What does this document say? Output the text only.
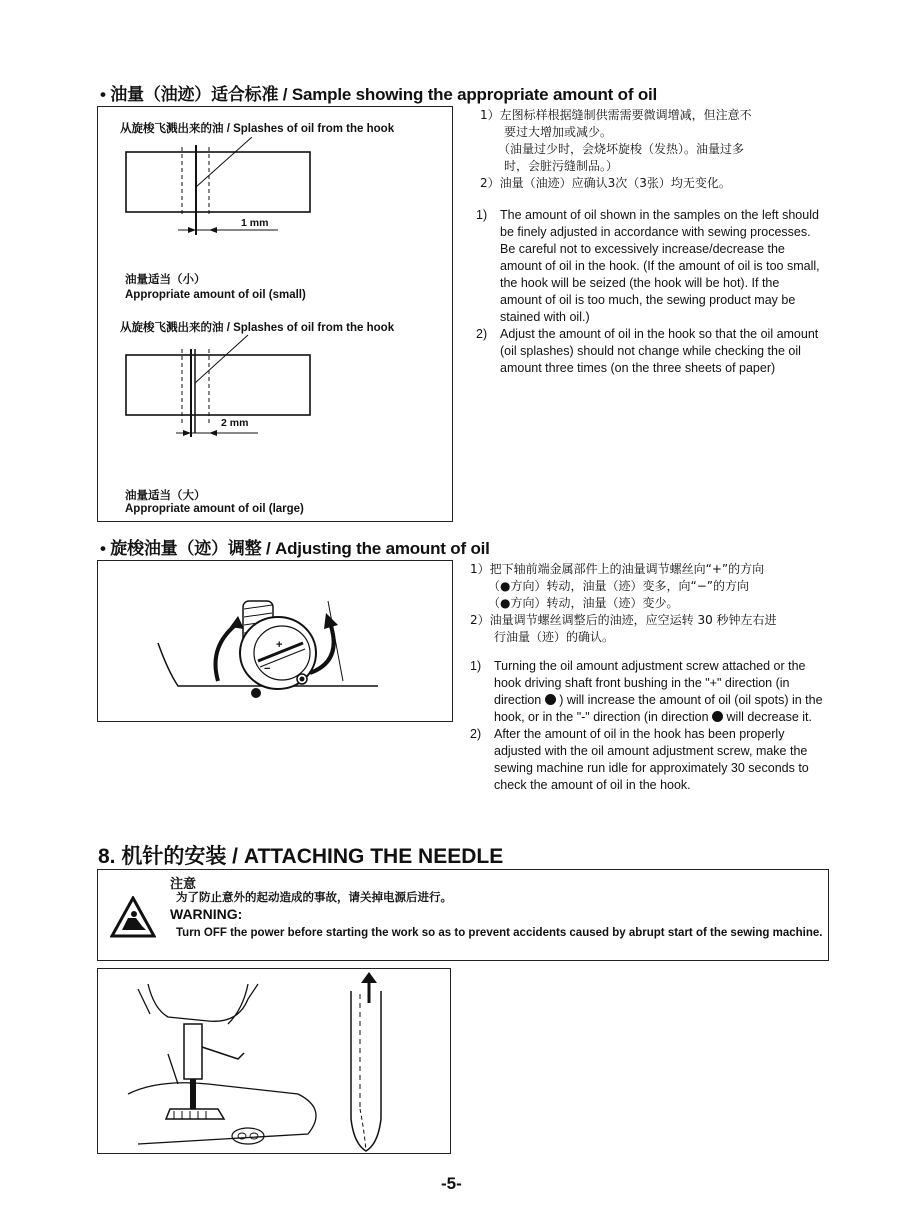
• 油量（油迹）适合标准 / Sample showing the appropriate amount of oil
从旋梭飞溅出来的油 / Splashes of oil from the hook
1 mm
油量适当（小）
Appropriate amount of oil (small)
从旋梭飞溅出来的油 / Splashes of oil from the hook
2 mm
油量适当（大）
Appropriate amount of oil (large)
1）左图标样根据缝制供需需要微调增减，但注意不
　　要过大增加或减少。
　　（油量过少时，会烧坏旋梭（发热）。油量过多
　　时，会脏污缝制品。）
2）油量（油迹）应确认3次（3张）均无变化。
1) The amount of oil shown in the samples on the left should be finely adjusted in accordance with sewing processes. Be careful not to excessively increase/decrease the amount of oil in the hook. (If the amount of oil is too small, the hook will be seized (the hook will be hot). If the amount of oil is too much, the sewing product may be stained with oil.)
2) Adjust the amount of oil in the hook so that the oil amount (oil splashes) should not change while checking the oil amount three times (on the three sheets of paper)
• 旋梭油量（迹）调整 / Adjusting the amount of oil
+
−
1）把下轴前端金属部件上的油量调节螺丝向“+”的方向
　　（●方向）转动，油量（迹）变多，向“−”的方向
　　（●方向）转动，油量（迹）变少。
2）油量调节螺丝调整后的油迹，应空运转 30 秒钟左右进
　　行油量（迹）的确认。
1) Turning the oil amount adjustment screw attached or the hook driving shaft front bushing in the "+" direction (in direction ) will increase the amount of oil (oil spots) in the hook, or in the "-" direction (in direction will decrease it.
2) After the amount of oil in the hook has been properly adjusted with the oil amount adjustment screw, make the sewing machine run idle for approximately 30 seconds to check the amount of oil in the hook.
8. 机针的安装 / ATTACHING THE NEEDLE
注意
为了防止意外的起动造成的事故，请关掉电源后进行。
WARNING:
Turn OFF the power before starting the work so as to prevent accidents caused by abrupt start of the sewing machine.
-5-
